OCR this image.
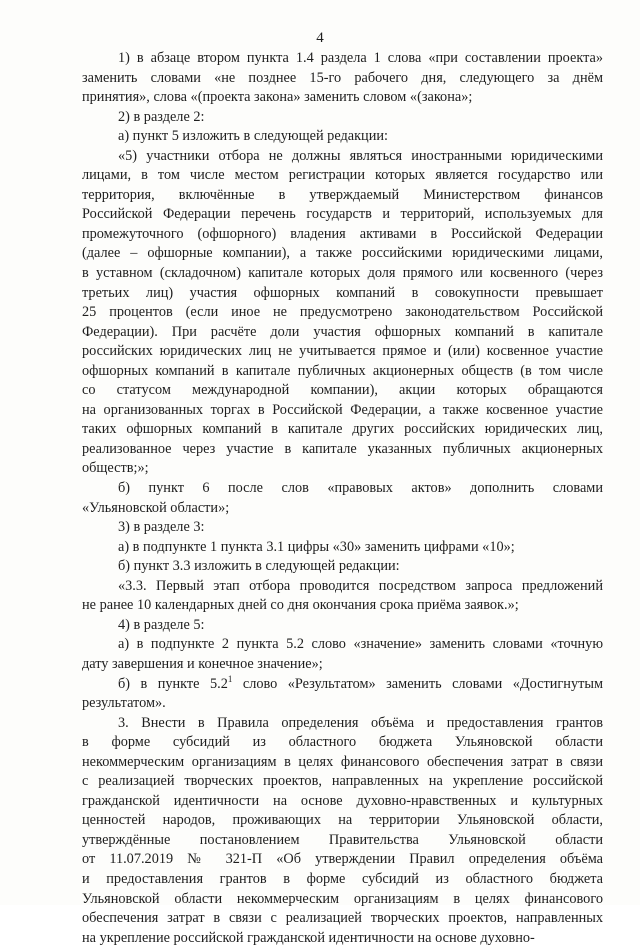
4
1) в абзаце втором пункта 1.4 раздела 1 слова «при составлении проекта»
заменить словами «не позднее 15-го рабочего дня, следующего за днём
принятия», слова «(проекта закона» заменить словом «(закона»;
2) в разделе 2:
а) пункт 5 изложить в следующей редакции:
«5) участники отбора не должны являться иностранными юридическими
лицами, в том числе местом регистрации которых является государство или
территория, включённые в утверждаемый Министерством финансов
Российской Федерации перечень государств и территорий, используемых для
промежуточного (офшорного) владения активами в Российской Федерации
(далее – офшорные компании), а также российскими юридическими лицами,
в уставном (складочном) капитале которых доля прямого или косвенного (через
третьих лиц) участия офшорных компаний в совокупности превышает
25 процентов (если иное не предусмотрено законодательством Российской
Федерации). При расчёте доли участия офшорных компаний в капитале
российских юридических лиц не учитывается прямое и (или) косвенное участие
офшорных компаний в капитале публичных акционерных обществ (в том числе
со статусом международной компании), акции которых обращаются
на организованных торгах в Российской Федерации, а также косвенное участие
таких офшорных компаний в капитале других российских юридических лиц,
реализованное через участие в капитале указанных публичных акционерных
обществ;»;
б) пункт 6 после слов «правовых актов» дополнить словами
«Ульяновской области»;
3) в разделе 3:
а) в подпункте 1 пункта 3.1 цифры «30» заменить цифрами «10»;
б) пункт 3.3 изложить в следующей редакции:
«3.3. Первый этап отбора проводится посредством запроса предложений
не ранее 10 календарных дней со дня окончания срока приёма заявок.»;
4) в разделе 5:
а) в подпункте 2 пункта 5.2 слово «значение» заменить словами «точную
дату завершения и конечное значение»;
б) в пункте $5.2^1$ слово «Результатом» заменить словами «Достигнутым
результатом».
3. Внести в Правила определения объёма и предоставления грантов
в форме субсидий из областного бюджета Ульяновской области
некоммерческим организациям в целях финансового обеспечения затрат в связи
с реализацией творческих проектов, направленных на укрепление российской
гражданской идентичности на основе духовно-нравственных и культурных
ценностей народов, проживающих на территории Ульяновской области,
утверждённые постановлением Правительства Ульяновской области
от 11.07.2019 № 321-П «Об утверждении Правил определения объёма
и предоставления грантов в форме субсидий из областного бюджета
Ульяновской области некоммерческим организациям в целях финансового
обеспечения затрат в связи с реализацией творческих проектов, направленных
на укрепление российской гражданской идентичности на основе духовно-
